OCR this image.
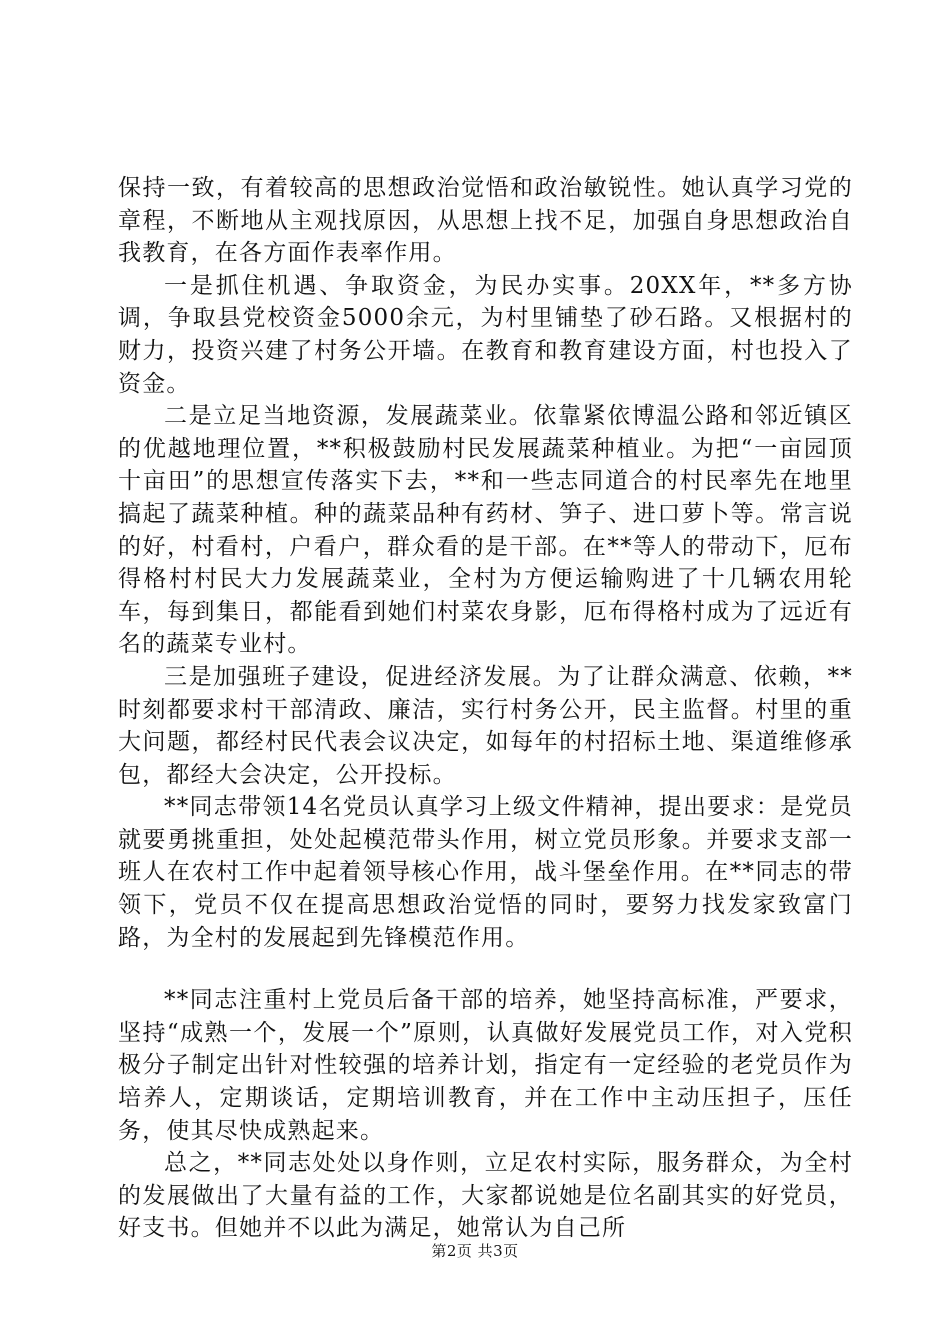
保持一致，有着较高的思想政治觉悟和政治敏锐性。她认真学习党的章程，不断地从主观找原因，从思想上找不足，加强自身思想政治自我教育，在各方面作表率作用。

一是抓住机遇、争取资金，为民办实事。20XX年，**多方协调，争取县党校资金5000余元，为村里铺垫了砂石路。又根据村的财力，投资兴建了村务公开墙。在教育和教育建设方面，村也投入了资金。

二是立足当地资源，发展蔬菜业。依靠紧依博温公路和邻近镇区的优越地理位置，**积极鼓励村民发展蔬菜种植业。为把“一亩园顶十亩田”的思想宣传落实下去，**和一些志同道合的村民率先在地里搞起了蔬菜种植。种的蔬菜品种有药材、笋子、进口萝卜等。常言说的好，村看村，户看户，群众看的是干部。在**等人的带动下，厄布得格村村民大力发展蔬菜业，全村为方便运输购进了十几辆农用轮车，每到集日，都能看到她们村菜农身影，厄布得格村成为了远近有名的蔬菜专业村。

三是加强班子建设，促进经济发展。为了让群众满意、依赖，**时刻都要求村干部清政、廉洁，实行村务公开，民主监督。村里的重大问题，都经村民代表会议决定，如每年的村招标土地、渠道维修承包，都经大会决定，公开投标。

**同志带领14名党员认真学习上级文件精神，提出要求：是党员就要勇挑重担，处处起模范带头作用，树立党员形象。并要求支部一班人在农村工作中起着领导核心作用，战斗堡垒作用。在**同志的带领下，党员不仅在提高思想政治觉悟的同时，要努力找发家致富门路，为全村的发展起到先锋模范作用。

**同志注重村上党员后备干部的培养，她坚持高标准，严要求，坚持“成熟一个，发展一个”原则，认真做好发展党员工作，对入党积极分子制定出针对性较强的培养计划，指定有一定经验的老党员作为培养人，定期谈话，定期培训教育，并在工作中主动压担子，压任务，使其尽快成熟起来。

总之，**同志处处以身作则，立足农村实际，服务群众，为全村的发展做出了大量有益的工作，大家都说她是位名副其实的好党员，好支书。但她并不以此为满足，她常认为自己所

第2页 共3页
